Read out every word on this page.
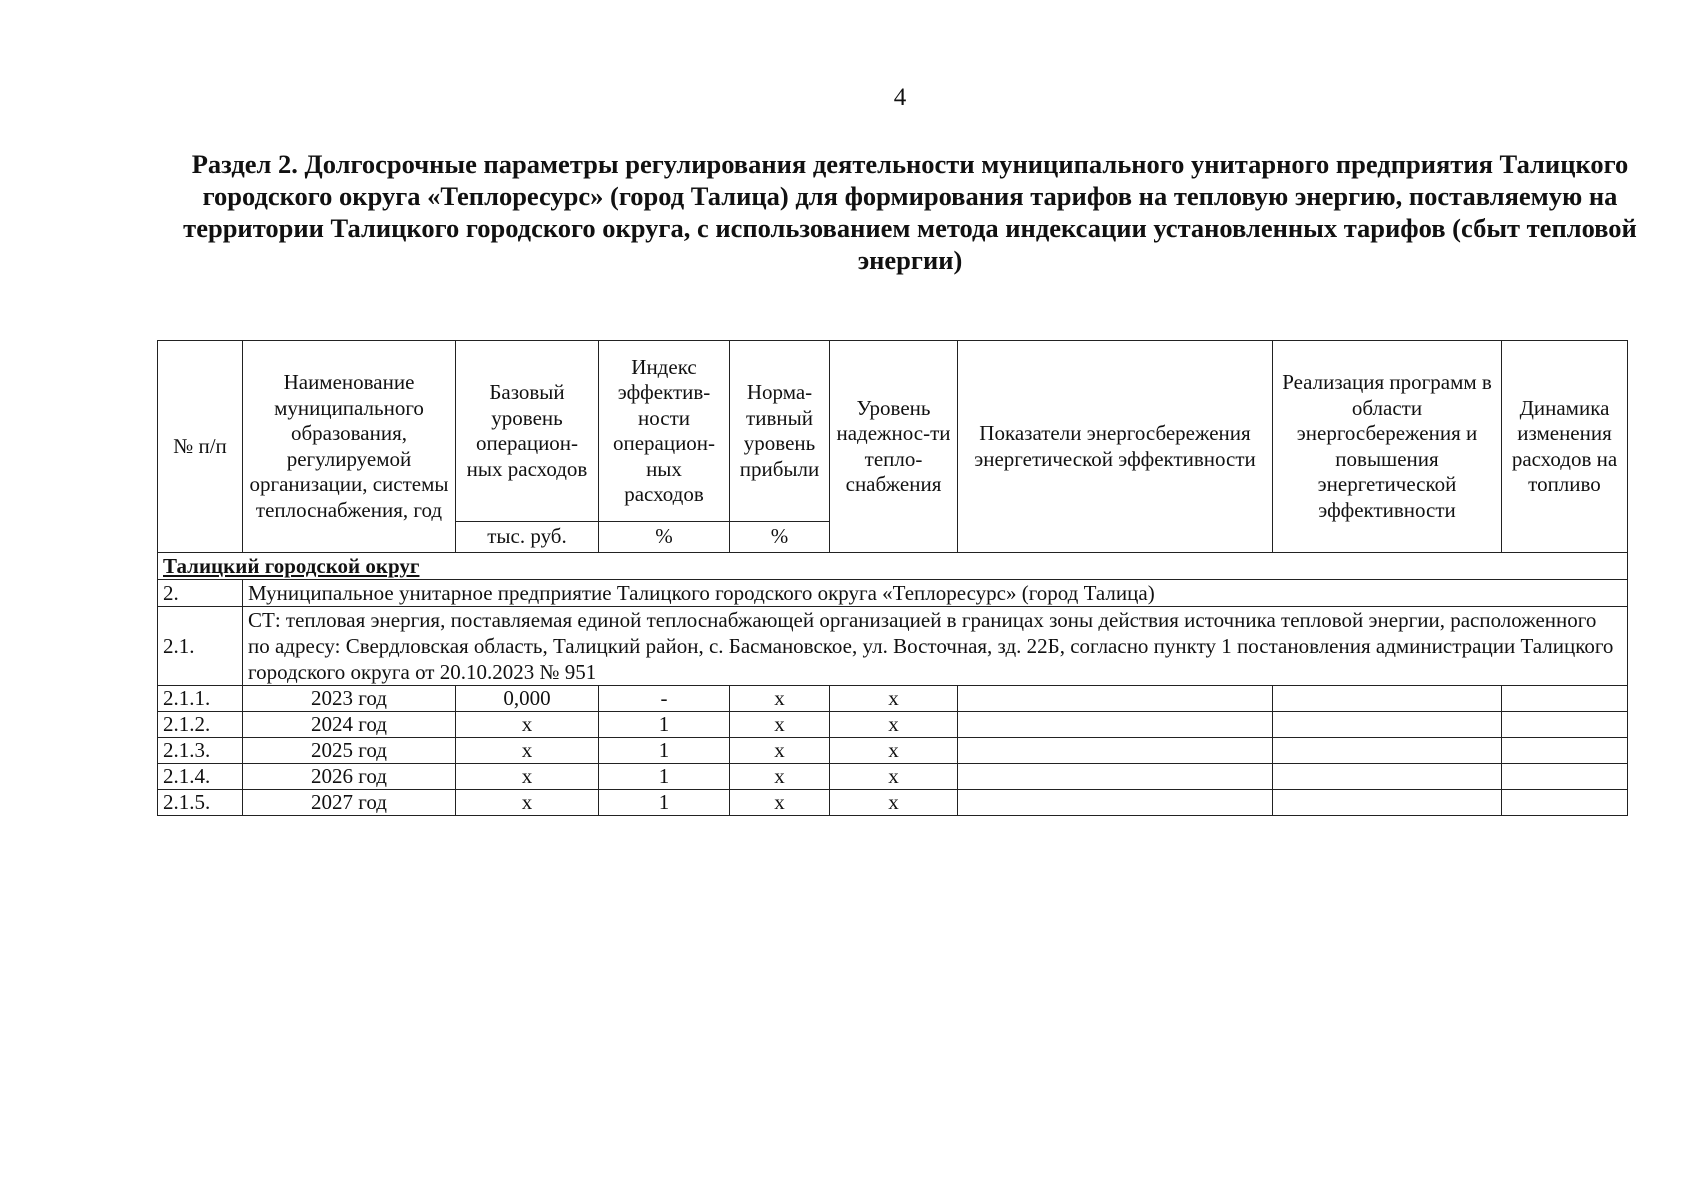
4
Раздел 2. Долгосрочные параметры регулирования деятельности муниципального унитарного предприятия Талицкого городского округа «Теплоресурс» (город Талица) для формирования тарифов на тепловую энергию, поставляемую на территории Талицкого городского округа, с использованием метода индексации установленных тарифов (сбыт тепловой энергии)
№ п/п	Наименование муниципального образования, регулируемой организации, системы теплоснабжения, год	Базовый уровень операцион-ных расходов	Индекс эффектив-ности операцион-ных расходов	Норма-тивный уровень прибыли	Уровень надежнос-ти тепло-снабжения	Показатели энергосбережения энергетической эффективности	Реализация программ в области энергосбережения и повышения энергетической эффективности	Динамика изменения расходов на топливо
		тыс. руб.	%	%				
Талицкий городской округ								
2.	Муниципальное унитарное предприятие Талицкого городского округа «Теплоресурс» (город Талица)							
2.1.	СТ: тепловая энергия, поставляемая единой теплоснабжающей организацией в границах зоны действия источника тепловой энергии, расположенного по адресу: Свердловская область, Талицкий район, с. Басмановское, ул. Восточная, зд. 22Б, согласно пункту 1 постановления администрации Талицкого городского округа от 20.10.2023 № 951							
2.1.1.	2023 год	0,000	-	х	х			
2.1.2.	2024 год	х	1	х	х			
2.1.3.	2025 год	х	1	х	х			
2.1.4.	2026 год	х	1	х	х			
2.1.5.	2027 год	х	1	х	х			
